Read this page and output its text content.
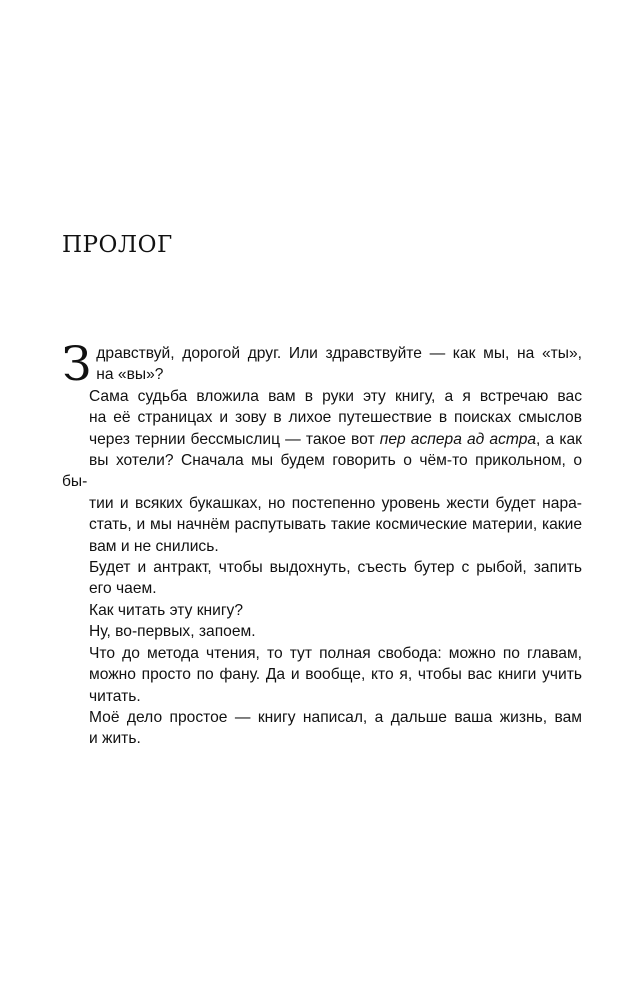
ПРОЛОГ

З дравствуй, дорогой друг. Или здравствуйте — как мы, на «ты»,
на «вы»?

Сама судьба вложила вам в руки эту книгу, а я встречаю вас
на её страницах и зову в лихое путешествие в поисках смыслов
через тернии бессмыслиц — такое вот пер аспера ад астра, а как
вы хотели? Сначала мы будем говорить о чём-то прикольном, о бы-
тии и всяких букашках, но постепенно уровень жести будет нара-
стать, и мы начнём распутывать такие космические материи, какие
вам и не снились.

Будет и антракт, чтобы выдохнуть, съесть бутер с рыбой, запить
его чаем.

Как читать эту книгу?

Ну, во-первых, запоем.

Что до метода чтения, то тут полная свобода: можно по главам,
можно просто по фану. Да и вообще, кто я, чтобы вас книги учить
читать.

Моё дело простое — книгу написал, а дальше ваша жизнь, вам
и жить.
